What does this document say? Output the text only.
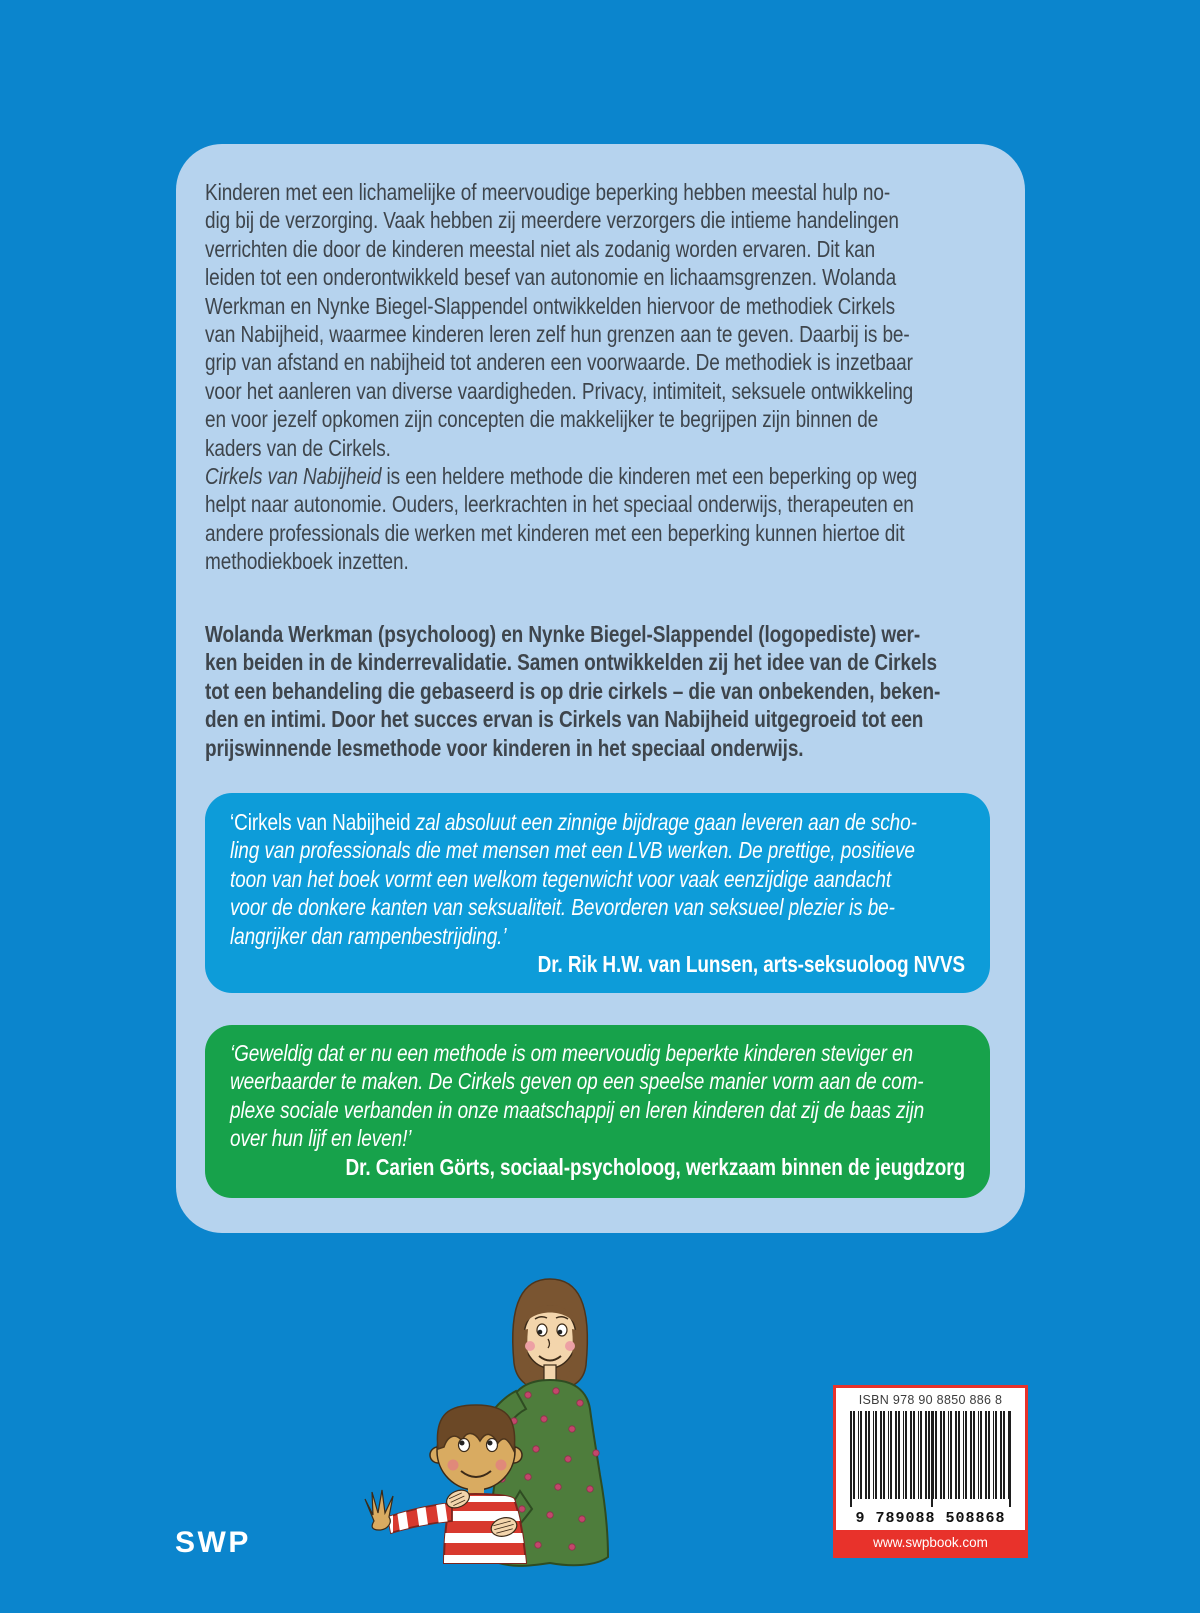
Kinderen met een lichamelijke of meervoudige beperking hebben meestal hulp no-
dig bij de verzorging. Vaak hebben zij meerdere verzorgers die intieme handelingen
verrichten die door de kinderen meestal niet als zodanig worden ervaren. Dit kan
leiden tot een onderontwikkeld besef van autonomie en lichaamsgrenzen. Wolanda
Werkman en Nynke Biegel-Slappendel ontwikkelden hiervoor de methodiek Cirkels
van Nabijheid, waarmee kinderen leren zelf hun grenzen aan te geven. Daarbij is be-
grip van afstand en nabijheid tot anderen een voorwaarde. De methodiek is inzetbaar
voor het aanleren van diverse vaardigheden. Privacy, intimiteit, seksuele ontwikkeling
en voor jezelf opkomen zijn concepten die makkelijker te begrijpen zijn binnen de
kaders van de Cirkels.
Cirkels van Nabijheid is een heldere methode die kinderen met een beperking op weg
helpt naar autonomie. Ouders, leerkrachten in het speciaal onderwijs, therapeuten en
andere professionals die werken met kinderen met een beperking kunnen hiertoe dit
methodiekboek inzetten.
Wolanda Werkman (psycholoog) en Nynke Biegel-Slappendel (logopediste) wer-
ken beiden in de kinderrevalidatie. Samen ontwikkelden zij het idee van de Cirkels
tot een behandeling die gebaseerd is op drie cirkels – die van onbekenden, beken-
den en intimi. Door het succes ervan is Cirkels van Nabijheid uitgegroeid tot een
prijswinnende lesmethode voor kinderen in het speciaal onderwijs.
‘Cirkels van Nabijheid zal absoluut een zinnige bijdrage gaan leveren aan de scho-
ling van professionals die met mensen met een LVB werken. De prettige, positieve
toon van het boek vormt een welkom tegenwicht voor vaak eenzijdige aandacht
voor de donkere kanten van seksualiteit. Bevorderen van seksueel plezier is be-
langrijker dan rampenbestrijding.’
Dr. Rik H.W. van Lunsen, arts-seksuoloog NVVS
‘Geweldig dat er nu een methode is om meervoudig beperkte kinderen steviger en
weerbaarder te maken. De Cirkels geven op een speelse manier vorm aan de com-
plexe sociale verbanden in onze maatschappij en leren kinderen dat zij de baas zijn
over hun lijf en leven!’
Dr. Carien Görts, sociaal-psycholoog, werkzaam binnen de jeugdzorg
ISBN 978 90 8850 886 8
9 789088 508868
www.swpbook.com
SWP
